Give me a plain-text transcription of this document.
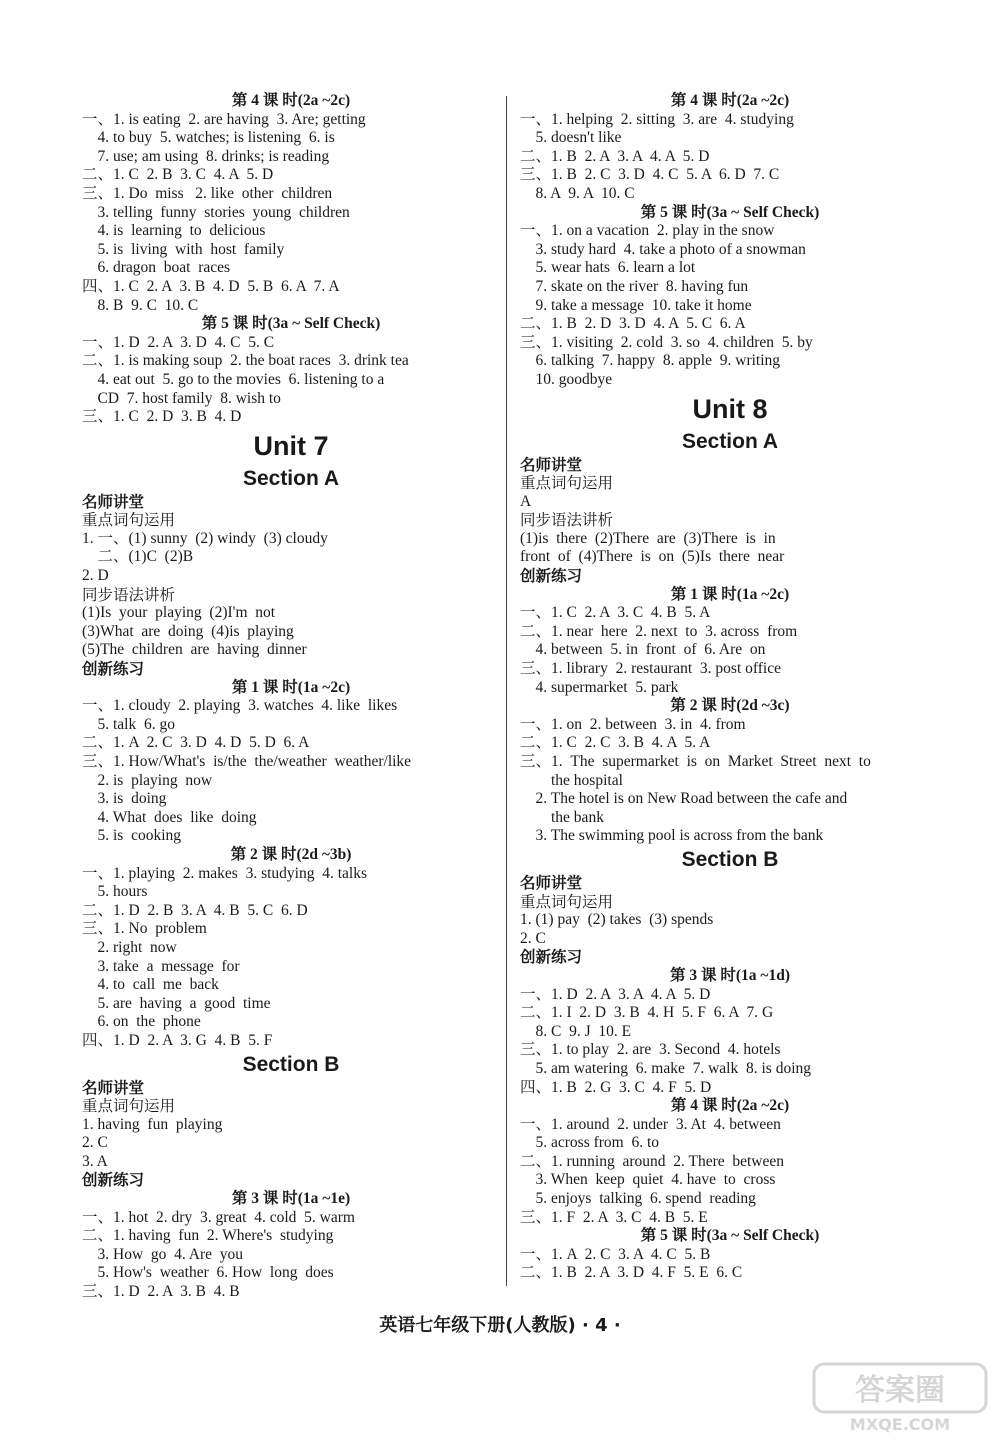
第 4 课 时(2a ~2c)
一、1. is eating  2. are having  3. Are; getting
4. to buy  5. watches; is listening  6. is
7. use; am using  8. drinks; is reading
二、1. C  2. B  3. C  4. A  5. D
三、1. Do  miss   2. like  other  children
3. telling  funny  stories  young  children
4. is  learning  to  delicious
5. is  living  with  host  family
6. dragon  boat  races
四、1. C  2. A  3. B  4. D  5. B  6. A  7. A
8. B  9. C  10. C
第 5 课 时(3a ~ Self Check)
一、1. D  2. A  3. D  4. C  5. C
二、1. is making soup  2. the boat races  3. drink tea
4. eat out  5. go to the movies  6. listening to a
CD  7. host family  8. wish to
三、1. C  2. D  3. B  4. D
Unit 7
Section A
名师讲堂
重点词句运用
1. 一、(1) sunny  (2) windy  (3) cloudy
二、(1)C  (2)B
2. D
同步语法讲析
(1)Is  your  playing  (2)I'm  not
(3)What  are  doing  (4)is  playing
(5)The  children  are  having  dinner
创新练习
第 1 课 时(1a ~2c)
一、1. cloudy  2. playing  3. watches  4. like  likes
5. talk  6. go
二、1. A  2. C  3. D  4. D  5. D  6. A
三、1. How/What's  is/the  the/weather  weather/like
2. is  playing  now
3. is  doing
4. What  does  like  doing
5. is  cooking
第 2 课 时(2d ~3b)
一、1. playing  2. makes  3. studying  4. talks
5. hours
二、1. D  2. B  3. A  4. B  5. C  6. D
三、1. No  problem
2. right  now
3. take  a  message  for
4. to  call  me  back
5. are  having  a  good  time
6. on  the  phone
四、1. D  2. A  3. G  4. B  5. F
Section B
名师讲堂
重点词句运用
1. having  fun  playing
2. C
3. A
创新练习
第 3 课 时(1a ~1e)
一、1. hot  2. dry  3. great  4. cold  5. warm
二、1. having  fun  2. Where's  studying
3. How  go  4. Are  you
5. How's  weather  6. How  long  does
三、1. D  2. A  3. B  4. B
第 4 课 时(2a ~2c)
一、1. helping  2. sitting  3. are  4. studying
5. doesn't like
二、1. B  2. A  3. A  4. A  5. D
三、1. B  2. C  3. D  4. C  5. A  6. D  7. C
8. A  9. A  10. C
第 5 课 时(3a ~ Self Check)
一、1. on a vacation  2. play in the snow
3. study hard  4. take a photo of a snowman
5. wear hats  6. learn a lot
7. skate on the river  8. having fun
9. take a message  10. take it home
二、1. B  2. D  3. D  4. A  5. C  6. A
三、1. visiting  2. cold  3. so  4. children  5. by
6. talking  7. happy  8. apple  9. writing
10. goodbye
Unit 8
Section A
名师讲堂
重点词句运用
A
同步语法讲析
(1)is  there  (2)There  are  (3)There  is  in
front  of  (4)There  is  on  (5)Is  there  near
创新练习
第 1 课 时(1a ~2c)
一、1. C  2. A  3. C  4. B  5. A
二、1. near  here  2. next  to  3. across  from
4. between  5. in  front  of  6. Are  on
三、1. library  2. restaurant  3. post office
4. supermarket  5. park
第 2 课 时(2d ~3c)
一、1. on  2. between  3. in  4. from
二、1. C  2. C  3. B  4. A  5. A
三、1.  The  supermarket  is  on  Market  Street  next  to
the hospital
2. The hotel is on New Road between the cafe and
the bank
3. The swimming pool is across from the bank
Section B
名师讲堂
重点词句运用
1. (1) pay  (2) takes  (3) spends
2. C
创新练习
第 3 课 时(1a ~1d)
一、1. D  2. A  3. A  4. A  5. D
二、1. I  2. D  3. B  4. H  5. F  6. A  7. G
8. C  9. J  10. E
三、1. to play  2. are  3. Second  4. hotels
5. am watering  6. make  7. walk  8. is doing
四、1. B  2. G  3. C  4. F  5. D
第 4 课 时(2a ~2c)
一、1. around  2. under  3. At  4. between
5. across from  6. to
二、1. running  around  2. There  between
3. When  keep  quiet  4. have  to  cross
5. enjoys  talking  6. spend  reading
三、1. F  2. A  3. C  4. B  5. E
第 5 课 时(3a ~ Self Check)
一、1. A  2. C  3. A  4. C  5. B
二、1. B  2. A  3. D  4. F  5. E  6. C
英语七年级下册(人教版) · 4 ·
答案圈
MXQE.COM
